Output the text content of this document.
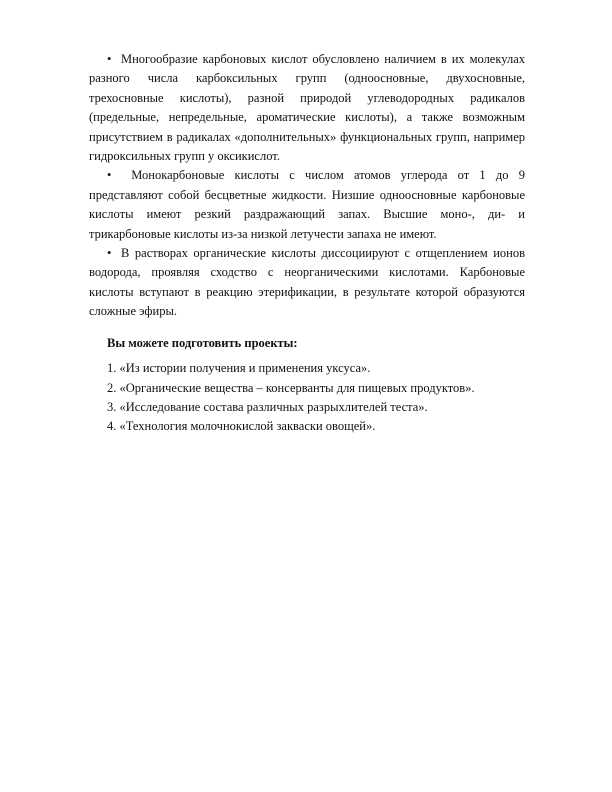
• Многообразие карбоновых кислот обусловлено наличием в их молекулах разного числа карбоксильных групп (одноосновные, двухосновные, трехосновные кислоты), разной природой углеводородных радикалов (предельные, непредельные, ароматические кислоты), а также возможным присутствием в радикалах «дополнительных» функциональных групп, например гидроксильных групп у оксикислот.

• Монокарбоновые кислоты с числом атомов углерода от 1 до 9 представляют собой бесцветные жидкости. Низшие одноосновные карбоновые кислоты имеют резкий раздражающий запах. Высшие моно-, ди- и трикарбоновые кислоты из-за низкой летучести запаха не имеют.

• В растворах органические кислоты диссоциируют с отщеплением ионов водорода, проявляя сходство с неорганическими кислотами. Карбоновые кислоты вступают в реакцию этерификации, в результате которой образуются сложные эфиры.

Вы можете подготовить проекты:

1. «Из истории получения и применения уксуса».

2. «Органические вещества – консерванты для пищевых продуктов».

3. «Исследование состава различных разрыхлителей теста».

4. «Технология молочнокислой закваски овощей».
